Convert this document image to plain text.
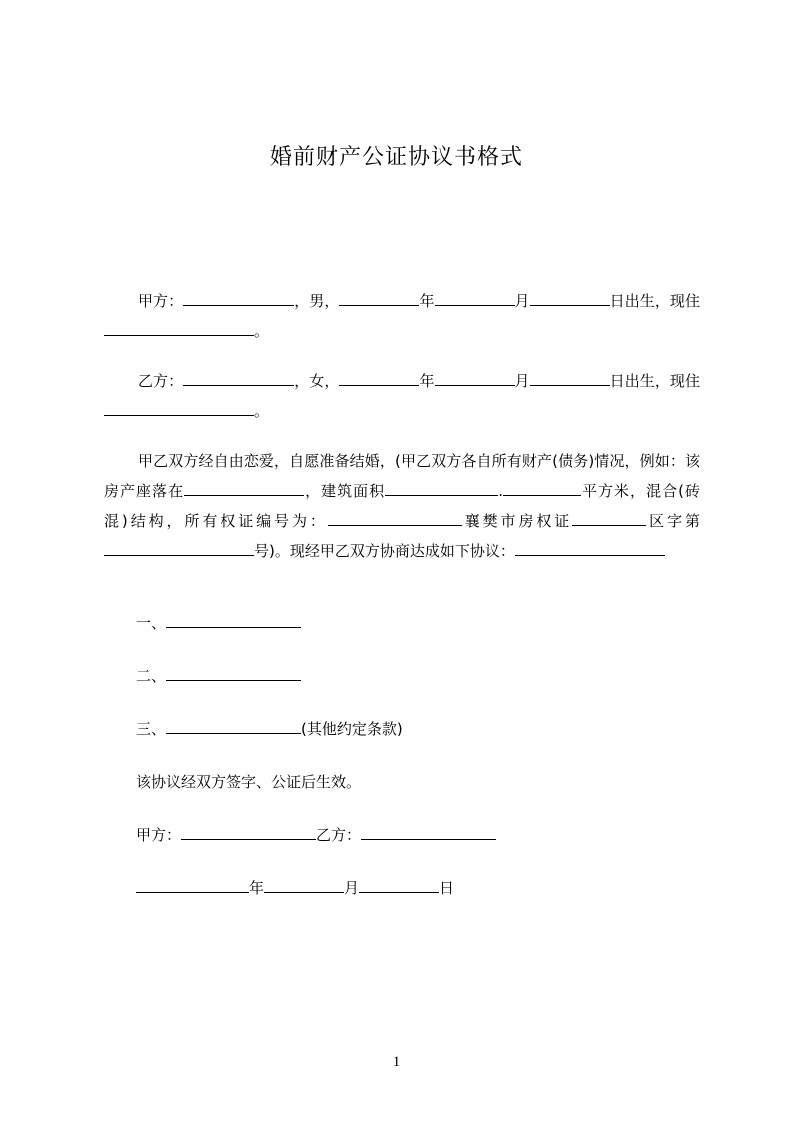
婚前财产公证协议书格式
甲方：	，男，	年	月	日出生，现住。
乙方：	，女，	年	月	日出生，现住。
甲乙双方经自由恋爱，自愿准备结婚，(甲乙双方各自所有财产(债务)情况，例如：该房产座落在	，建筑面积	.	平方米，混合(砖混)结构，所有权证编号为：	襄樊市房权证	区字第号)。现经甲乙双方协商达成如下协议：
一、
二、
三、	(其他约定条款)
该协议经双方签字、公证后生效。
甲方：	乙方：
年	月	日
1
